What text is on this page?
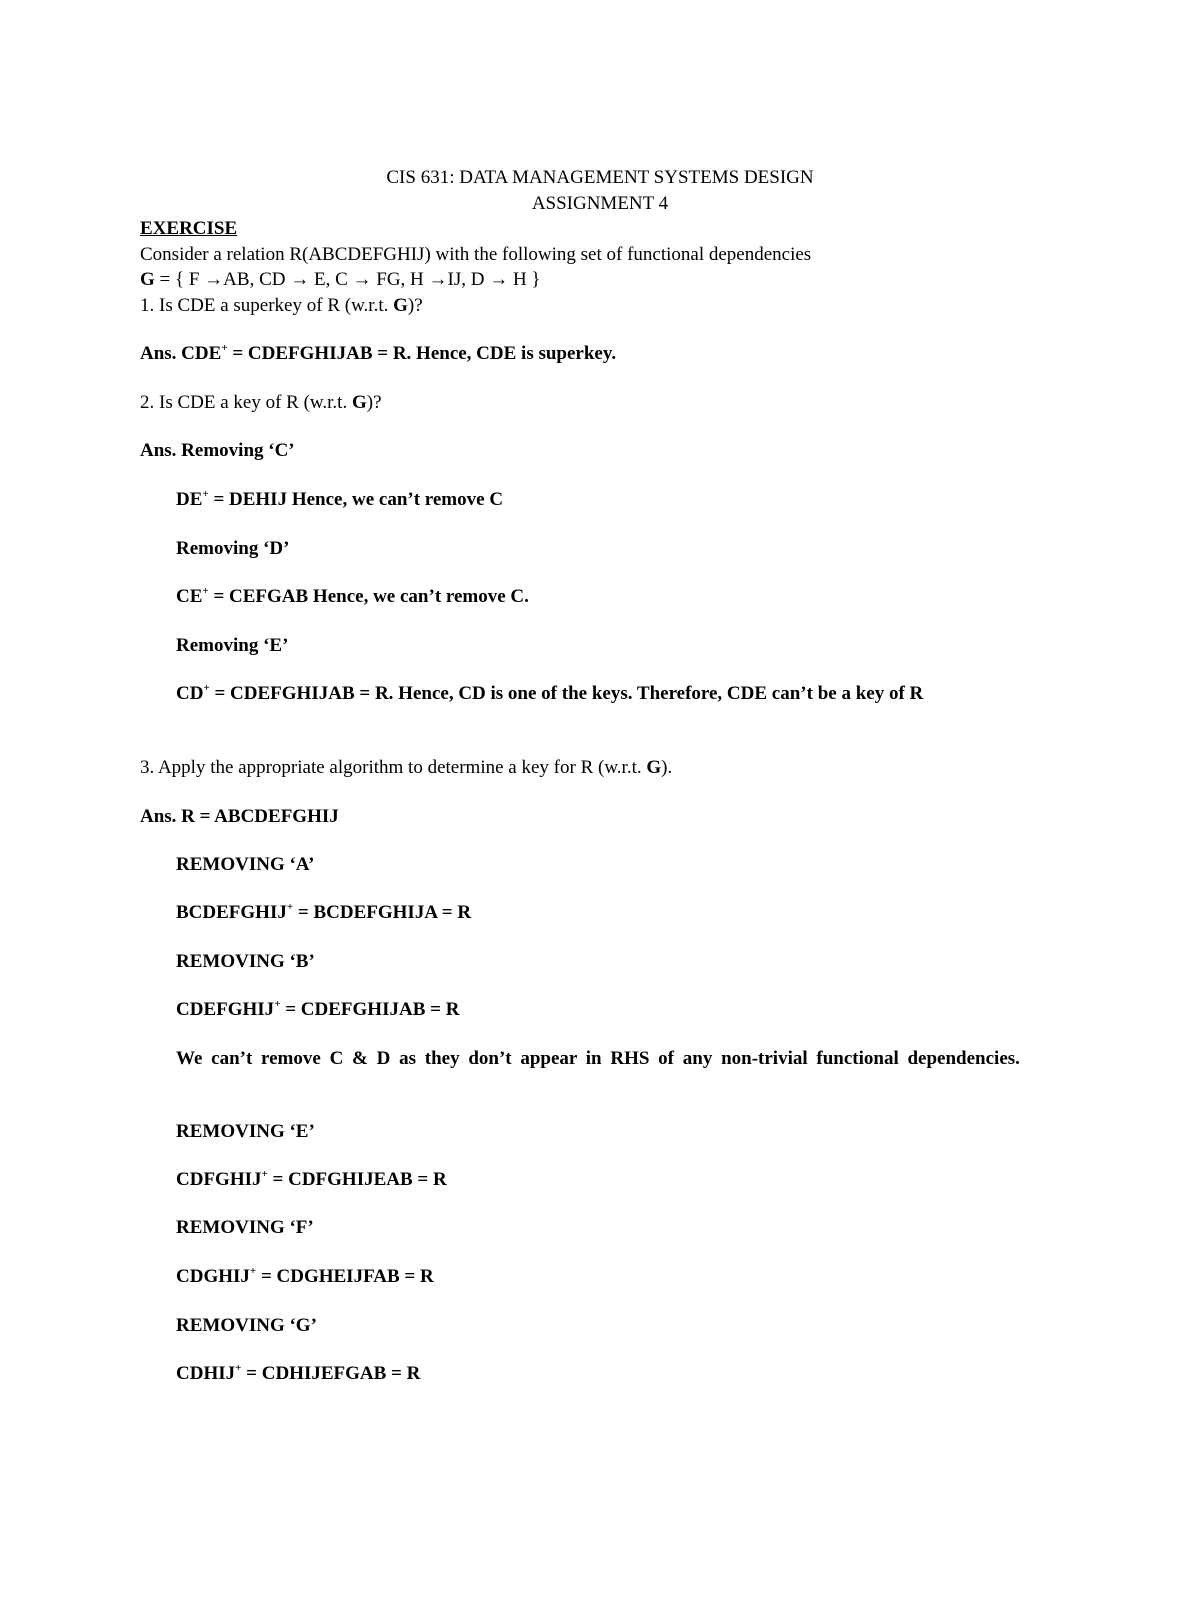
CIS 631: DATA MANAGEMENT SYSTEMS DESIGN
ASSIGNMENT 4
EXERCISE
Consider a relation R(ABCDEFGHIJ) with the following set of functional dependencies
G = { F →AB, CD → E, C → FG, H →IJ, D → H }
1. Is CDE a superkey of R (w.r.t. G)?
Ans. CDE+ = CDEFGHIJAB = R. Hence, CDE is superkey.
2. Is CDE a key of R (w.r.t. G)?
Ans. Removing ‘C’
DE+ = DEHIJ Hence, we can’t remove C
Removing ‘D’
CE+ = CEFGAB Hence, we can’t remove C.
Removing ‘E’
CD+ = CDEFGHIJAB = R. Hence, CD is one of the keys. Therefore, CDE can’t be a key of R
3. Apply the appropriate algorithm to determine a key for R (w.r.t. G).
Ans. R = ABCDEFGHIJ
REMOVING ‘A’
BCDEFGHIJ+ = BCDEFGHIJA = R
REMOVING ‘B’
CDEFGHIJ+ = CDEFGHIJAB = R
We can’t remove C & D as they don’t appear in RHS of any non-trivial functional dependencies.
REMOVING ‘E’
CDFGHIJ+ = CDFGHIJEAB = R
REMOVING ‘F’
CDGHIJ+ = CDGHEIJFAB = R
REMOVING ‘G’
CDHIJ+ = CDHIJEFGAB = R
